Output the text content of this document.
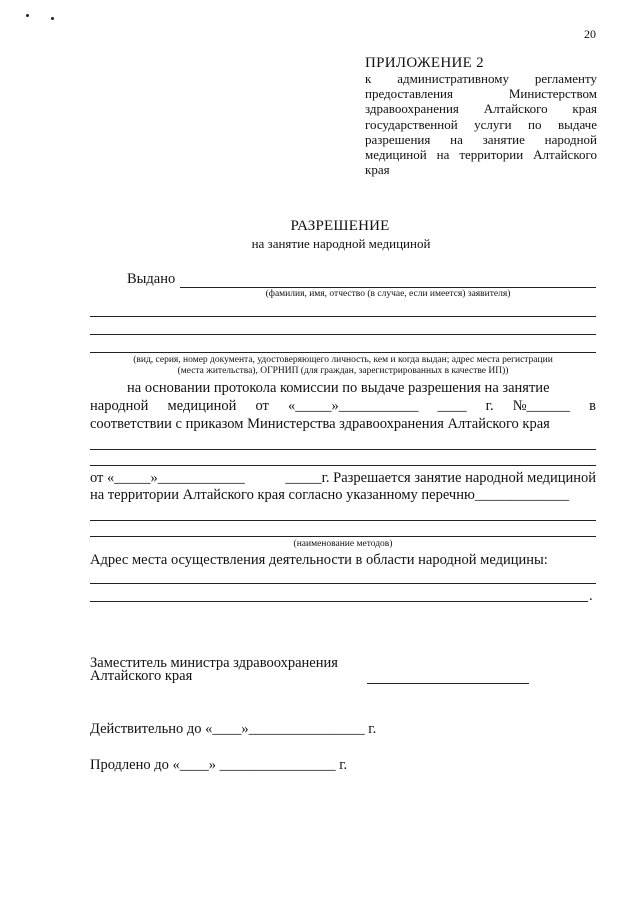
20
ПРИЛОЖЕНИЕ 2
к административному регламенту предоставления Министерством здравоохранения Алтайского края государственной услуги по выдаче разрешения на занятие народной медициной на территории Алтайского края
РАЗРЕШЕНИЕ
на занятие народной медициной
Выдано
(фамилия, имя, отчество (в случае, если имеется) заявителя)
(вид, серия, номер документа, удостоверяющего личность, кем и когда выдан; адрес места регистрации
(места жительства), ОГРНИП (для граждан, зарегистрированных в качестве ИП))
на основании протокола комиссии по выдаче разрешения на занятие
народной медициной от «_____»___________ ____ г. №______ в
соответствии с приказом Министерства здравоохранения Алтайского края
от «_____»____________	_____г. Разрешается занятие народной медициной
на территории Алтайского края согласно указанному перечню_____________
(наименование методов)
Адрес места осуществления деятельности в области народной медицины:
.
Заместитель министра здравоохранения
Алтайского края
Действительно до «____»________________ г.
Продлено до «____» ________________ г.
